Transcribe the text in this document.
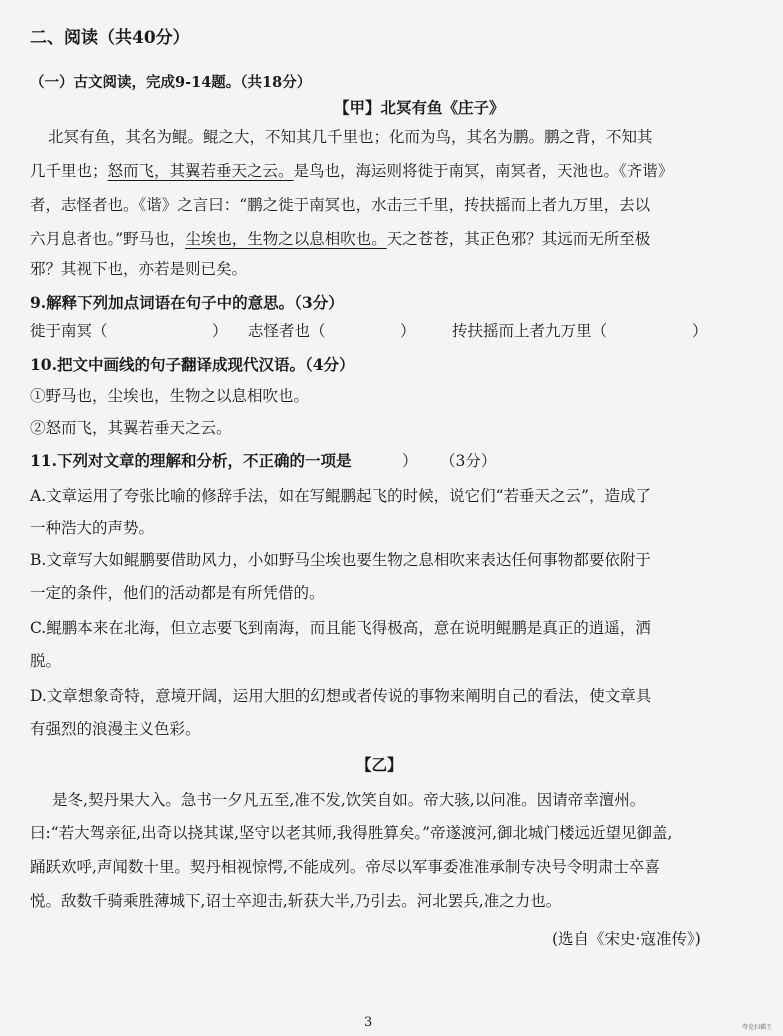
二、阅读（共40分）
（一）古文阅读，完成9-14题。（共18分）
【甲】北冥有鱼《庄子》
北冥有鱼，其名为鲲。鲲之大，不知其几千里也；化而为鸟，其名为鹏。鹏之背，不知其
几千里也；怒而飞，其翼若垂天之云。是鸟也，海运则将徙于南冥，南冥者，天池也。《齐谐》
者，志怪者也。《谐》之言曰：“鹏之徙于南冥也，水击三千里，抟扶摇而上者九万里，去以
六月息者也。”野马也，尘埃也，生物之以息相吹也。天之苍苍，其正色邪？其远而无所至极
邪？其视下也，亦若是则已矣。
9.解释下列加点词语在句子中的意思。（3分）
徙于南冥（	） 志怪者也（	） 抟扶摇而上者九万里（	）
10.把文中画线的句子翻译成现代汉语。（4分）
①野马也，尘埃也，生物之以息相吹也。
②怒而飞，其翼若垂天之云。
11.下列对文章的理解和分析，不正确的一项是	） （3分）
A.文章运用了夸张比喻的修辞手法，如在写鲲鹏起飞的时候，说它们“若垂天之云”，造成了
一种浩大的声势。
B.文章写大如鲲鹏要借助风力，小如野马尘埃也要生物之息相吹来表达任何事物都要依附于
一定的条件，他们的活动都是有所凭借的。
C.鲲鹏本来在北海，但立志要飞到南海，而且能飞得极高，意在说明鲲鹏是真正的逍遥，洒
脱。
D.文章想象奇特，意境开阔，运用大胆的幻想或者传说的事物来阐明自己的看法，使文章具
有强烈的浪漫主义色彩。
【乙】
是冬,契丹果大入。急书一夕凡五至,准不发,饮笑自如。帝大骇,以问准。因请帝幸澶州。
曰:“若大驾亲征,出奇以挠其谋,坚守以老其师,我得胜算矣。”帝遂渡河,御北城门楼远近望见御盖,
踊跃欢呼,声闻数十里。契丹相视惊愕,不能成列。帝尽以军事委准准承制专决号令明肃士卒喜
悦。敌数千骑乘胜薄城下,诏士卒迎击,斩获大半,乃引去。河北罢兵,准之力也。
(选自《宋史·寇准传》)
3	夸克扫描王
